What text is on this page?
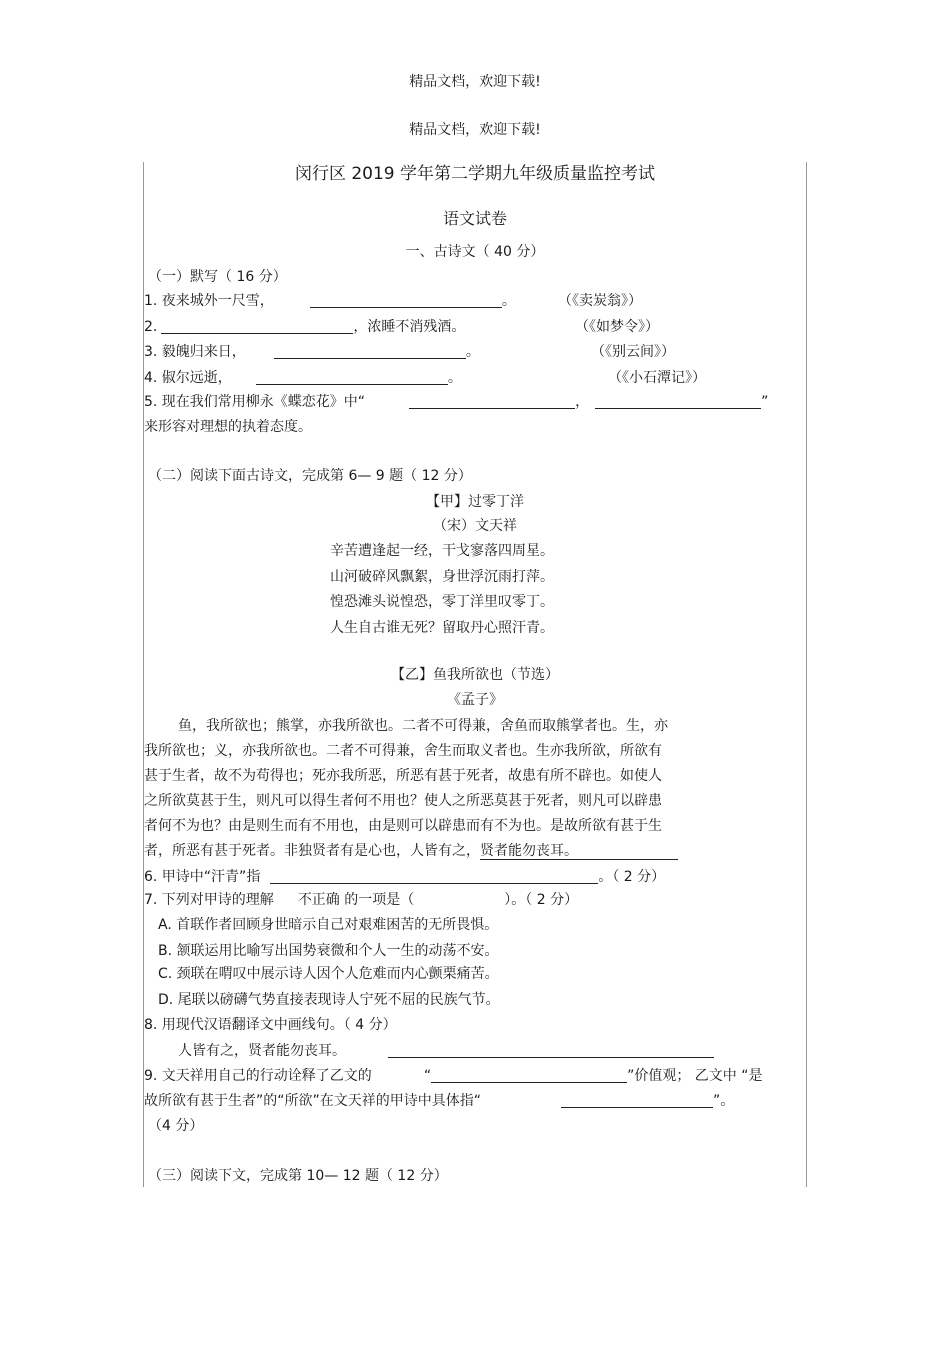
精品文档，欢迎下载!
精品文档，欢迎下载!
闵行区 2019 学年第二学期九年级质量监控考试
语文试卷
一、古诗文（ 40 分）
（一）默写（ 16 分）
1. 夜来城外一尺雪，	。	（《卖炭翁》）
2.	，浓睡不消残酒。	（《如梦令》）
3. 毅魄归来日，	。	（《别云间》）
4. 俶尔远逝，	。	（《小石潭记》）
5. 现在我们常用柳永《蝶恋花》中“	，	”
来形容对理想的执着态度。
（二）阅读下面古诗文，完成第 6— 9 题（ 12 分）
【甲】过零丁洋
（宋）文天祥
辛苦遭逢起一经，干戈寥落四周星。
山河破碎风飘絮，身世浮沉雨打萍。
惶恐滩头说惶恐，零丁洋里叹零丁。
人生自古谁无死？留取丹心照汗青。
【乙】鱼我所欲也（节选）
《孟子》
鱼，我所欲也；熊掌，亦我所欲也。二者不可得兼，舍鱼而取熊掌者也。生，亦
我所欲也；义，亦我所欲也。二者不可得兼，舍生而取义者也。生亦我所欲，所欲有
甚于生者，故不为苟得也；死亦我所恶，所恶有甚于死者，故患有所不辟也。如使人
之所欲莫甚于生，则凡可以得生者何不用也？使人之所恶莫甚于死者，则凡可以辟患
者何不为也？由是则生而有不用也，由是则可以辟患而有不为也。是故所欲有甚于生
者，所恶有甚于死者。非独贤者有是心也，人皆有之，贤者能勿丧耳。
6. 甲诗中“汗青”指	。（ 2 分）
7. 下列对甲诗的理解 不正确 的一项是（	）。（ 2 分）
A. 首联作者回顾身世暗示自己对艰难困苦的无所畏惧。
B. 颔联运用比喻写出国势衰微和个人一生的动荡不安。
C. 颈联在喟叹中展示诗人因个人危难而内心颤栗痛苦。
D. 尾联以磅礴气势直接表现诗人宁死不屈的民族气节。
8. 用现代汉语翻译文中画线句。（ 4 分）
人皆有之，贤者能勿丧耳。
9. 文天祥用自己的行动诠释了乙文的	“	”价值观； 乙文中 “是
故所欲有甚于生者”的“所欲”在文天祥的甲诗中具体指“	”。
（4 分）
（三）阅读下文，完成第 10— 12 题（ 12 分）
